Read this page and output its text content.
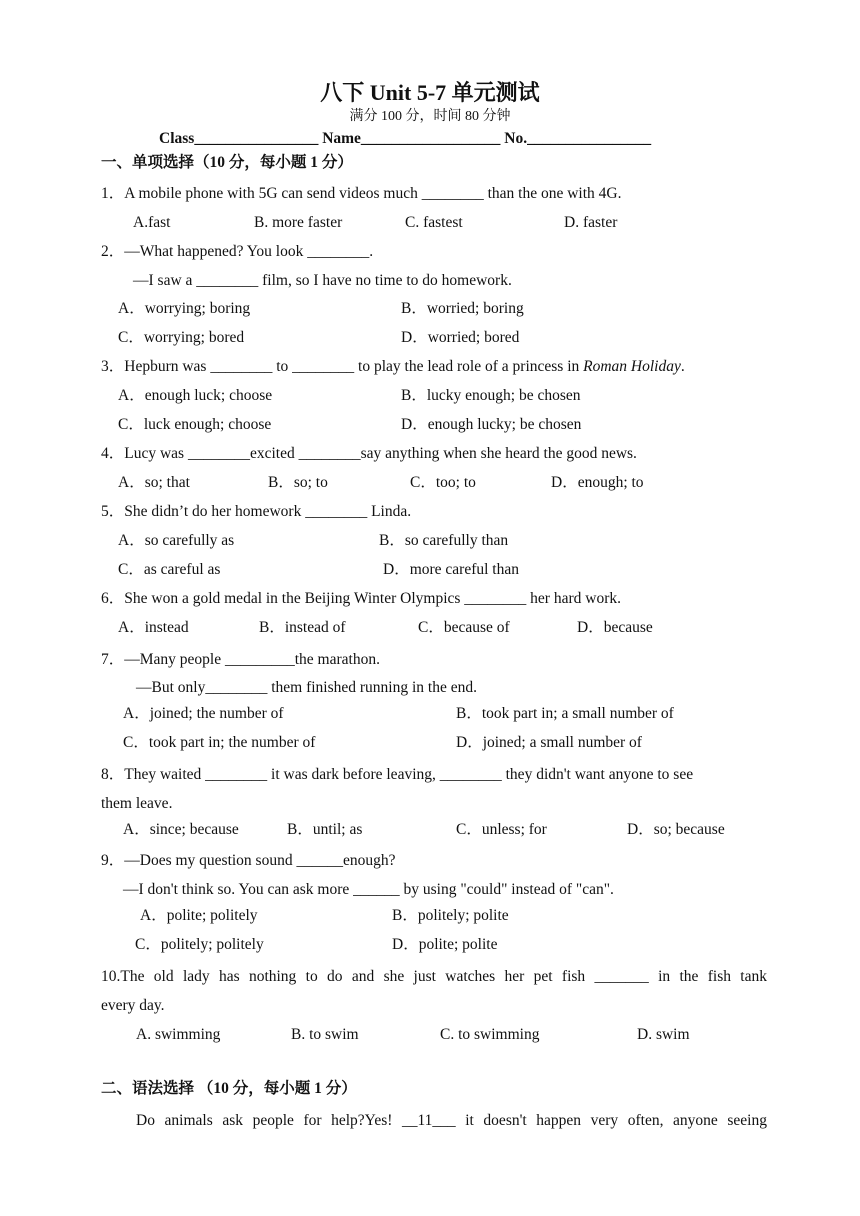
八下 Unit 5-7 单元测试
满分 100 分，时间 80 分钟
Class________________ Name__________________ No.________________
一、单项选择（10 分，每小题 1 分）
1．A mobile phone with 5G can send videos much ________ than the one with 4G.
A.fast	B. more faster	C. fastest	D. faster
2．—What happened? You look ________.
—I saw a ________ film, so I have no time to do homework.
A．worrying; boring	B．worried; boring
C．worrying; bored	D．worried; bored
3．Hepburn was ________ to ________ to play the lead role of a princess in Roman Holiday.
A．enough luck; choose	B．lucky enough; be chosen
C．luck enough; choose	D．enough lucky; be chosen
4．Lucy was ________excited ________say anything when she heard the good news.
A．so; that	B．so; to	C．too; to	D．enough; to
5．She didn’t do her homework ________ Linda.
A．so carefully as	B．so carefully than
C．as careful as	D．more careful than
6．She won a gold medal in the Beijing Winter Olympics ________ her hard work.
A．instead	B．instead of	C．because of	D．because
7．—Many people _________the marathon.
—But only________ them finished running in the end.
A．joined; the number of	B．took part in; a small number of
C．took part in; the number of	D．joined; a small number of
8．They waited ________ it was dark before leaving, ________ they didn't want anyone to see
them leave.
A．since; because	B．until; as	C．unless; for	D．so; because
9．—Does my question sound ______enough?
—I don't think so. You can ask more ______ by using "could" instead of "can".
A．polite; politely	B．politely; polite
C．politely; politely	D．polite; polite
10.The old lady has nothing to do and she just watches her pet fish _______ in the fish tank
every day.
A. swimming	B. to swim	C. to swimming	D. swim
二、语法选择 （10 分，每小题 1 分）
Do animals ask people for help?Yes! __11___ it doesn't happen very often, anyone seeing
